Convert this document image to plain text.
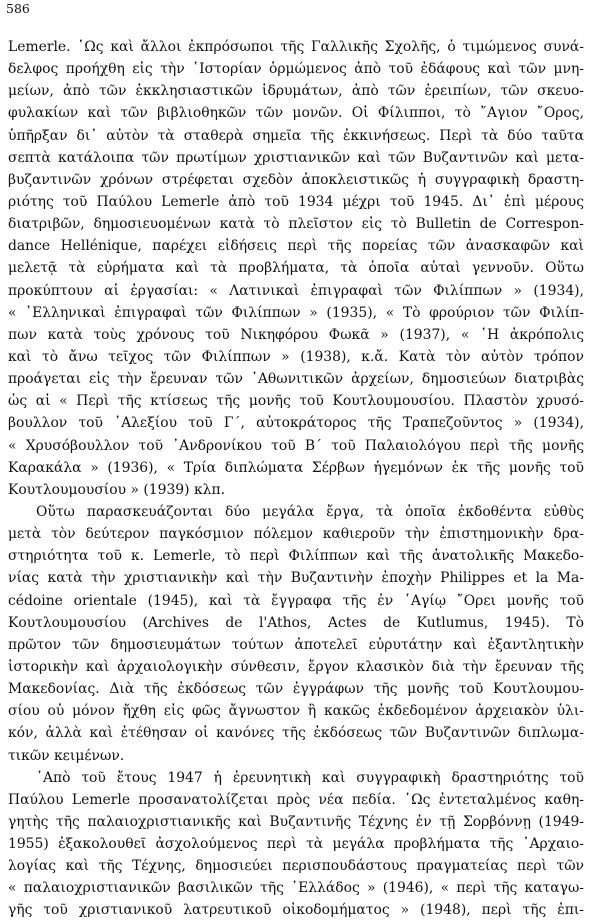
586
Lemerle. ῾Ως καὶ ἄλλοι ἐκπρόσωποι τῆς Γαλλικῆς Σχολῆς, ὁ τιμώμενος συνά-
δελφος προήχθη εἰς τὴν ῾Ιστορίαν ὁρμώμενος ἀπὸ τοῦ ἐδάφους καὶ τῶν μνη-
μείων, ἀπὸ τῶν ἐκκλησιαστικῶν ἱδρυμάτων, ἀπὸ τῶν ἐρειπίων, τῶν σκευο-
φυλακίων καὶ τῶν βιβλιοθηκῶν τῶν μονῶν. Οἱ Φίλιπποι, τὸ ῎Αγιον ῎Ορος,
ὑπῆρξαν δι᾽ αὐτὸν τὰ σταθερὰ σημεῖα τῆς ἐκκινήσεως. Περὶ τὰ δύο ταῦτα
σεπτὰ κατάλοιπα τῶν πρωτίμων χριστιανικῶν καὶ τῶν Βυζαντινῶν καὶ μετα-
βυζαντινῶν χρόνων στρέφεται σχεδὸν ἀποκλειστικῶς ἡ συγγραφικὴ δραστη-
ριότης τοῦ Παύλου Lemerle ἀπὸ τοῦ 1934 μέχρι τοῦ 1945. Δι᾽ ἐπὶ μέρους
διατριβῶν, δημοσιευομένων κατὰ τὸ πλεῖστον εἰς τὸ Bulletin de Correspon-
dance Hellénique, παρέχει εἰδήσεις περὶ τῆς πορείας τῶν ἀνασκαφῶν καὶ
μελετᾷ τὰ εὑρήματα καὶ τὰ προβλήματα, τὰ ὁποῖα αὐταὶ γεννοῦν. Οὕτω
προκύπτουν αἱ ἐργασίαι: « Λατινικαὶ ἐπιγραφαὶ τῶν Φιλίππων » (1934),
« ῾Ελληνικαὶ ἐπιγραφαὶ τῶν Φιλίππων » (1935), « Τὸ φρούριον τῶν Φιλίπ-
πων κατὰ τοὺς χρόνους τοῦ Νικηφόρου Φωκᾶ » (1937), « ῾Η ἀκρόπολις
καὶ τὸ ἄνω τεῖχος τῶν Φιλίππων » (1938), κ.ἄ. Κατὰ τὸν αὐτὸν τρόπον
προάγεται εἰς τὴν ἔρευναν τῶν ᾽Αθωνιτικῶν ἀρχείων, δημοσιεύων διατριβὰς
ὡς αἱ « Περὶ τῆς κτίσεως τῆς μονῆς τοῦ Κουτλουμουσίου. Πλαστὸν χρυσό-
βουλλον τοῦ ᾽Αλεξίου τοῦ Γ΄, αὐτοκράτορος τῆς Τραπεζοῦντος » (1934),
« Χρυσόβουλλον τοῦ ᾽Ανδρονίκου τοῦ Β΄ τοῦ Παλαιολόγου περὶ τῆς μονῆς
Καρακάλα » (1936), « Τρία διπλώματα Σέρβων ἡγεμόνων ἐκ τῆς μονῆς τοῦ
Κουτλουμουσίου » (1939) κλπ.
Οὕτω παρασκευάζονται δύο μεγάλα ἔργα, τὰ ὁποῖα ἐκδοθέντα εὐθὺς
μετὰ τὸν δεύτερον παγκόσμιον πόλεμον καθιεροῦν τὴν ἐπιστημονικὴν δρα-
στηριότητα τοῦ κ. Lemerle, τὸ περὶ Φιλίππων καὶ τῆς ἀνατολικῆς Μακεδο-
νίας κατὰ τὴν χριστιανικὴν καὶ τὴν Βυζαντινὴν ἐποχὴν Philippes et la Ma-
cédoine orientale (1945), καὶ τὰ ἔγγραφα τῆς ἐν ῾Αγίῳ ῎Ορει μονῆς τοῦ
Κουτλουμουσίου (Archives de l'Athos, Actes de Kutlumus, 1945). Τὸ
πρῶτον τῶν δημοσιευμάτων τούτων ἀποτελεῖ εὐρυτάτην καὶ ἐξαντλητικὴν
ἱστορικὴν καὶ ἀρχαιολογικὴν σύνθεσιν, ἔργον κλασικὸν διὰ τὴν ἔρευναν τῆς
Μακεδονίας. Διὰ τῆς ἐκδόσεως τῶν ἐγγράφων τῆς μονῆς τοῦ Κουτλουμου-
σίου οὐ μόνον ἤχθη εἰς φῶς ἄγνωστον ἢ κακῶς ἐκδεδομένον ἀρχειακὸν ὑλι-
κόν, ἀλλὰ καὶ ἐτέθησαν οἱ κανόνες τῆς ἐκδόσεως τῶν Βυζαντινῶν διπλωμα-
τικῶν κειμένων.
᾽Απὸ τοῦ ἔτους 1947 ἡ ἐρευνητικὴ καὶ συγγραφικὴ δραστηριότης τοῦ
Παύλου Lemerle προσανατολίζεται πρὸς νέα πεδία. ῾Ως ἐντεταλμένος καθη-
γητὴς τῆς παλαιοχριστιανικῆς καὶ Βυζαντινῆς Τέχνης ἐν τῇ Σορβόννῃ (1949-
1955) ἐξακολουθεῖ ἀσχολούμενος περὶ τὰ μεγάλα προβλήματα τῆς ᾽Αρχαιο-
λογίας καὶ τῆς Τέχνης, δημοσιεύει περισπουδάστους πραγματείας περὶ τῶν
« παλαιοχριστιανικῶν βασιλικῶν τῆς ῾Ελλάδος » (1946), « περὶ τῆς καταγω-
γῆς τοῦ χριστιανικοῦ λατρευτικοῦ οἰκοδομήματος » (1948), περὶ τῆς ἐπι-
